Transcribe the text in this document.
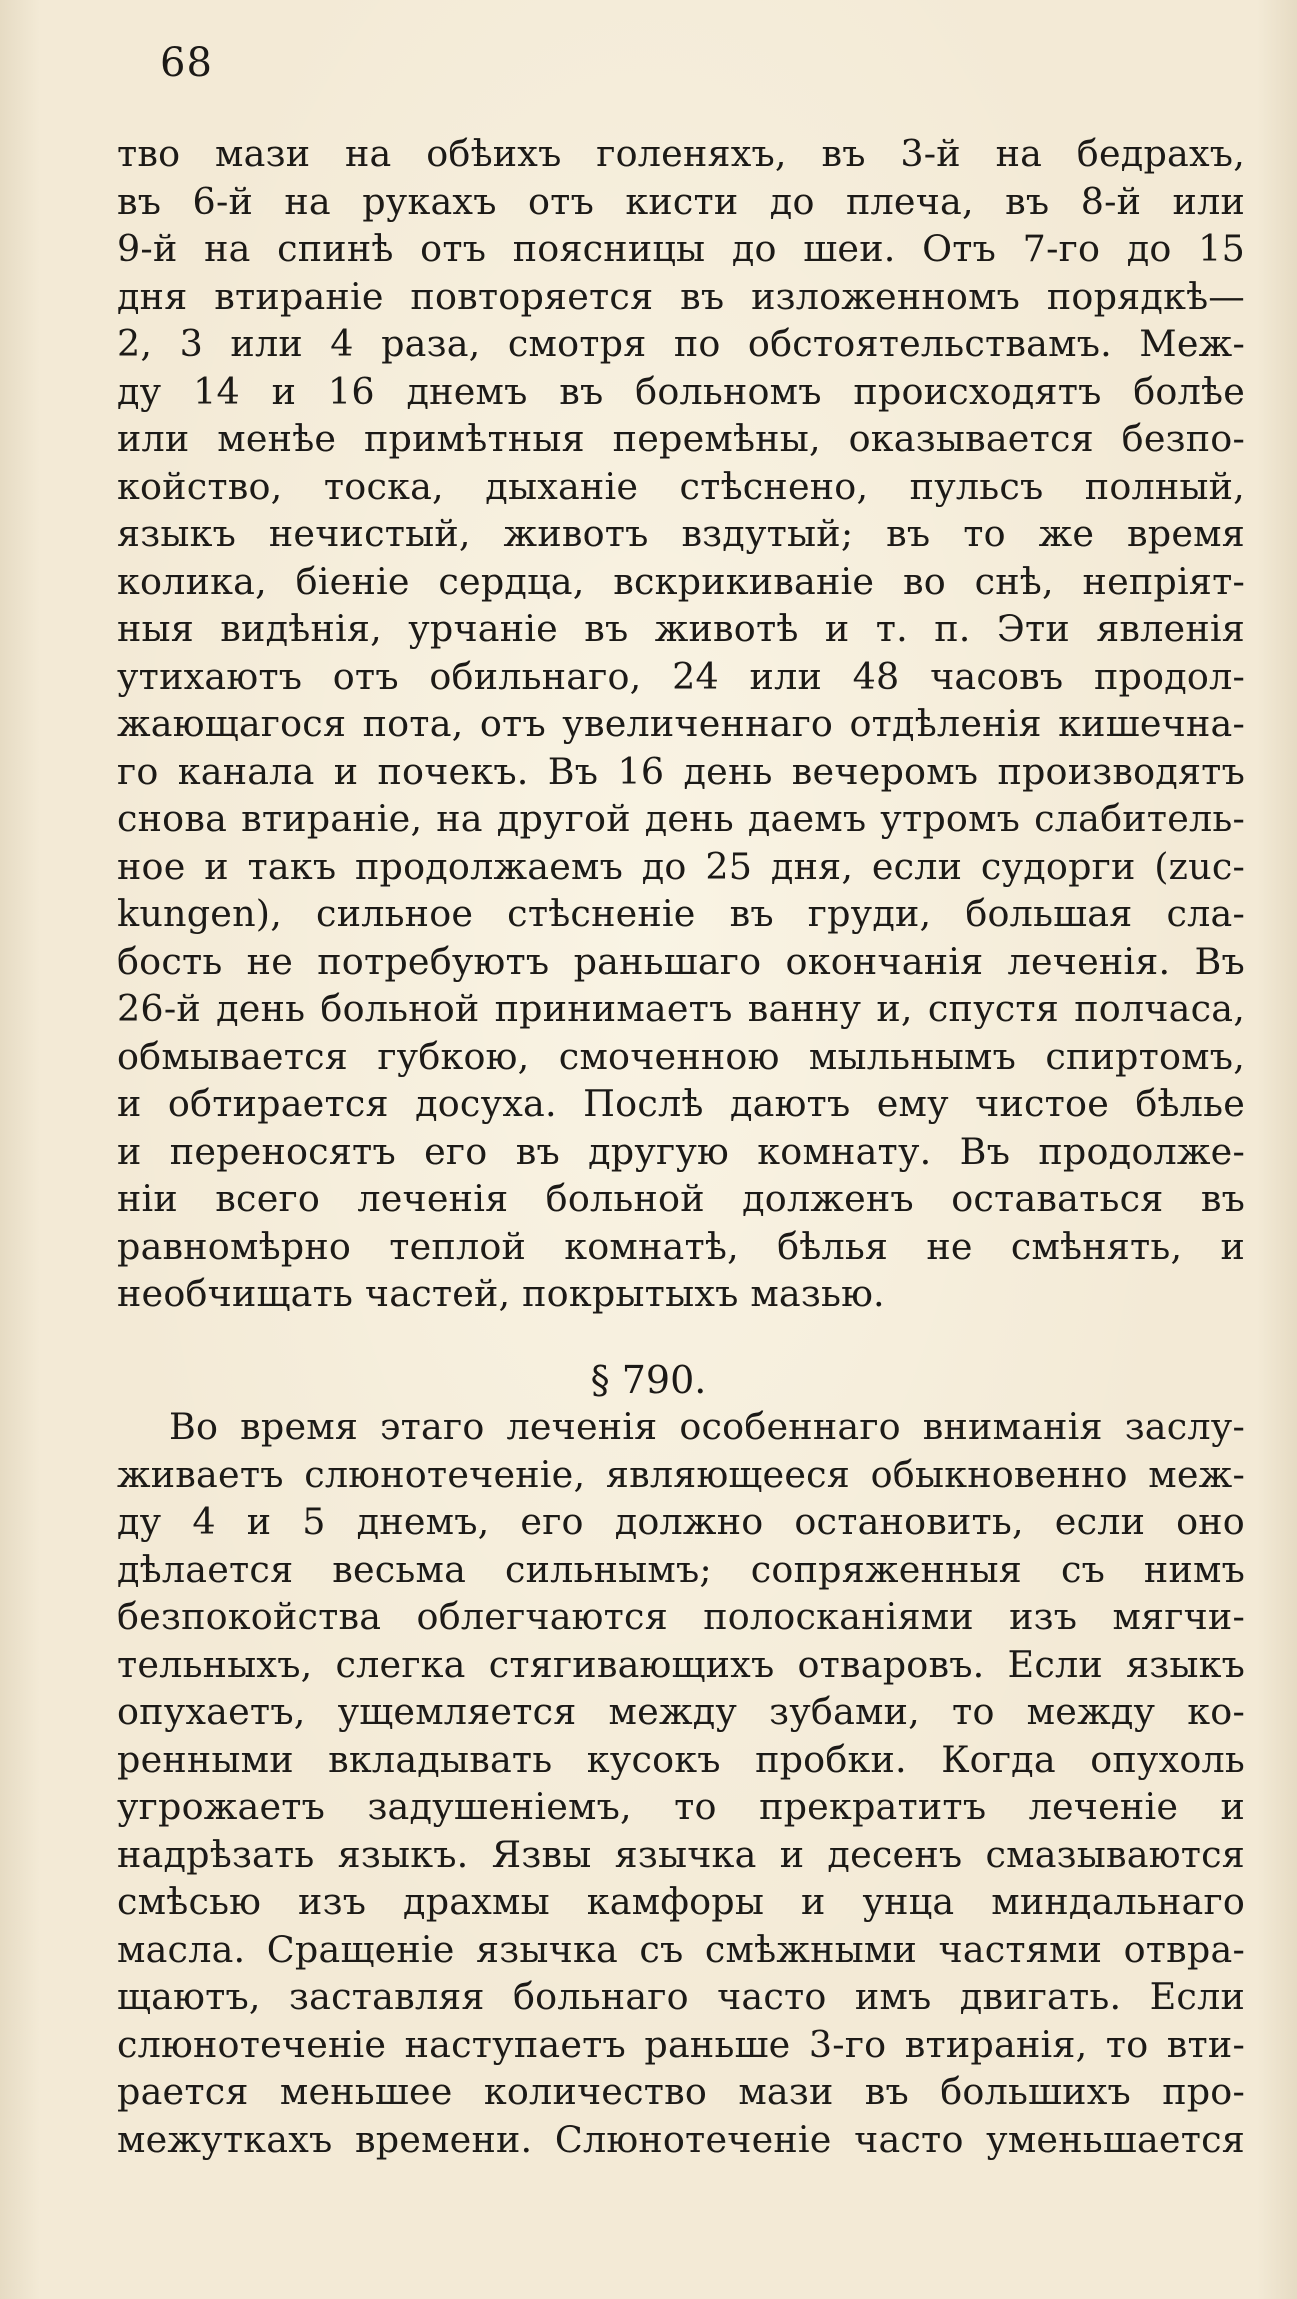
68
тво мази на обѣихъ голеняхъ, въ 3-й на бедрахъ,
въ 6-й на рукахъ отъ кисти до плеча, въ 8-й или
9-й на спинѣ отъ поясницы до шеи. Отъ 7-го до 15
дня втираніе повторяется въ изложенномъ порядкѣ—
2, 3 или 4 раза, смотря по обстоятельствамъ. Меж-
ду 14 и 16 днемъ въ больномъ происходятъ болѣе
или менѣе примѣтныя перемѣны, оказывается безпо-
койство, тоска, дыханіе стѣснено, пульсъ полный,
языкъ нечистый, животъ вздутый; въ то же время
колика, біеніе сердца, вскрикиваніе во снѣ, непріят-
ныя видѣнія, урчаніе въ животѣ и т. п. Эти явленія
утихаютъ отъ обильнаго, 24 или 48 часовъ продол-
жающагося пота, отъ увеличеннаго отдѣленія кишечна-
го канала и почекъ. Въ 16 день вечеромъ производятъ
снова втираніе, на другой день даемъ утромъ слабитель-
ное и такъ продолжаемъ до 25 дня, если судорги (zuc-
kungen), сильное стѣсненіе въ груди, большая сла-
бость не потребуютъ раньшаго окончанія леченія. Въ
26-й день больной принимаетъ ванну и, спустя полчаса,
обмывается губкою, смоченною мыльнымъ спиртомъ,
и обтирается досуха. Послѣ даютъ ему чистое бѣлье
и переносятъ его въ другую комнату. Въ продолже-
ніи всего леченія больной долженъ оставаться въ
равномѣрно теплой комнатѣ, бѣлья не смѣнять, и
необчищать частей, покрытыхъ мазью.
§ 790.
Во время этаго леченія особеннаго вниманія заслу-
живаетъ слюнотеченіе, являющееся обыкновенно меж-
ду 4 и 5 днемъ, его должно остановить, если оно
дѣлается весьма сильнымъ; сопряженныя съ нимъ
безпокойства облегчаются полосканіями изъ мягчи-
тельныхъ, слегка стягивающихъ отваровъ. Если языкъ
опухаетъ, ущемляется между зубами, то между ко-
ренными вкладывать кусокъ пробки. Когда опухоль
угрожаетъ задушеніемъ, то прекратитъ леченіе и
надрѣзать языкъ. Язвы язычка и десенъ смазываются
смѣсью изъ драхмы камфоры и унца миндальнаго
масла. Сращеніе язычка съ смѣжными частями отвра-
щаютъ, заставляя больнаго часто имъ двигать. Если
слюнотеченіе наступаетъ раньше 3-го втиранія, то вти-
рается меньшее количество мази въ большихъ про-
межуткахъ времени. Слюнотеченіе часто уменьшается
